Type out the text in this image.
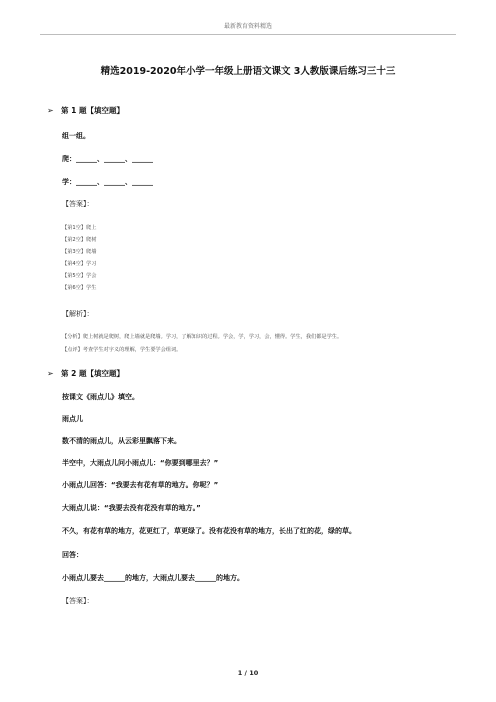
最新教育资料精选
精选2019-2020年小学一年级上册语文课文 3人教版课后练习三十三
➢ 第 1 题【填空题】
组一组。
爬：______、______、______
学：______、______、______
【答案】：
【第1空】爬上
【第2空】爬树
【第3空】爬墙
【第4空】学习
【第5空】学会
【第6空】学生
【解析】：
【分析】爬上树就是爬树，爬上墙就是爬墙。学习，了解知识的过程。学会，学，学习，会，懂得。学生，我们都是学生。
【点评】考查学生对字义的理解，学生要学会组词。
➢ 第 2 题【填空题】
按课文《雨点儿》填空。
雨点儿
数不清的雨点儿，从云彩里飘落下来。
半空中，大雨点儿问小雨点儿：“你要到哪里去？”
小雨点儿回答：“我要去有花有草的地方。你呢？”
大雨点儿说：“我要去没有花没有草的地方。”
不久，有花有草的地方，花更红了，草更绿了。没有花没有草的地方，长出了红的花，绿的草。
回答：
小雨点儿要去______的地方，大雨点儿要去______的地方。
【答案】：
1 / 10
